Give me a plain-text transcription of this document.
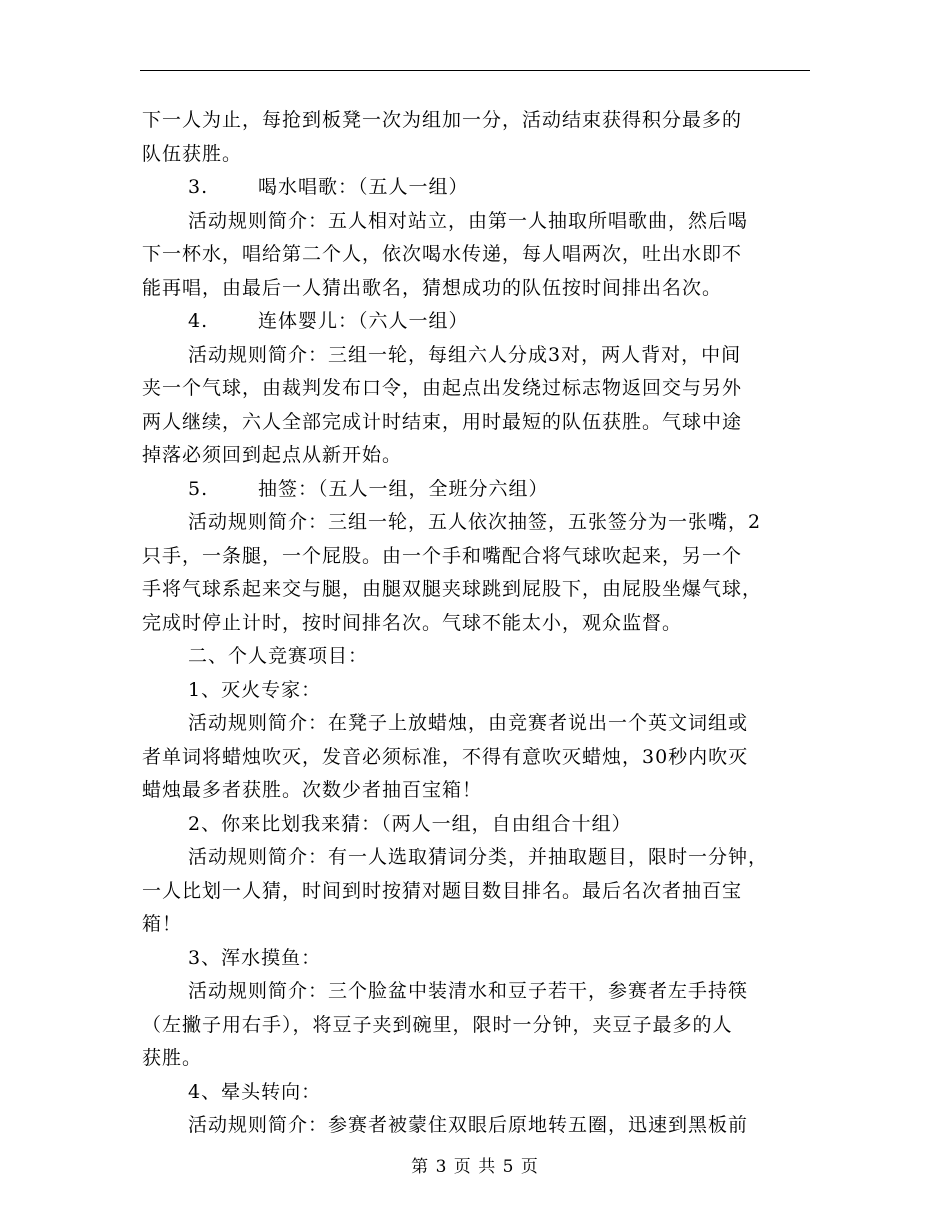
下一人为止，每抢到板凳一次为组加一分，活动结束获得积分最多的
队伍获胜。
3.	喝水唱歌：（五人一组）
活动规则简介：五人相对站立，由第一人抽取所唱歌曲，然后喝
下一杯水，唱给第二个人，依次喝水传递，每人唱两次，吐出水即不
能再唱，由最后一人猜出歌名，猜想成功的队伍按时间排出名次。
4.	连体婴儿：（六人一组）
活动规则简介：三组一轮，每组六人分成3对，两人背对，中间
夹一个气球，由裁判发布口令，由起点出发绕过标志物返回交与另外
两人继续，六人全部完成计时结束，用时最短的队伍获胜。气球中途
掉落必须回到起点从新开始。
5.	抽签：（五人一组，全班分六组）
活动规则简介：三组一轮，五人依次抽签，五张签分为一张嘴，2
只手，一条腿，一个屁股。由一个手和嘴配合将气球吹起来，另一个
手将气球系起来交与腿，由腿双腿夹球跳到屁股下，由屁股坐爆气球，
完成时停止计时，按时间排名次。气球不能太小，观众监督。
二、个人竞赛项目：
1、灭火专家：
活动规则简介：在凳子上放蜡烛，由竞赛者说出一个英文词组或
者单词将蜡烛吹灭，发音必须标准，不得有意吹灭蜡烛，30秒内吹灭
蜡烛最多者获胜。次数少者抽百宝箱！
2、你来比划我来猜：（两人一组，自由组合十组）
活动规则简介：有一人选取猜词分类，并抽取题目，限时一分钟，
一人比划一人猜，时间到时按猜对题目数目排名。最后名次者抽百宝
箱！
3、浑水摸鱼：
活动规则简介：三个脸盆中装清水和豆子若干，参赛者左手持筷
（左撇子用右手），将豆子夹到碗里，限时一分钟，夹豆子最多的人
获胜。
4、晕头转向：
活动规则简介：参赛者被蒙住双眼后原地转五圈，迅速到黑板前
第 3 页 共 5 页
